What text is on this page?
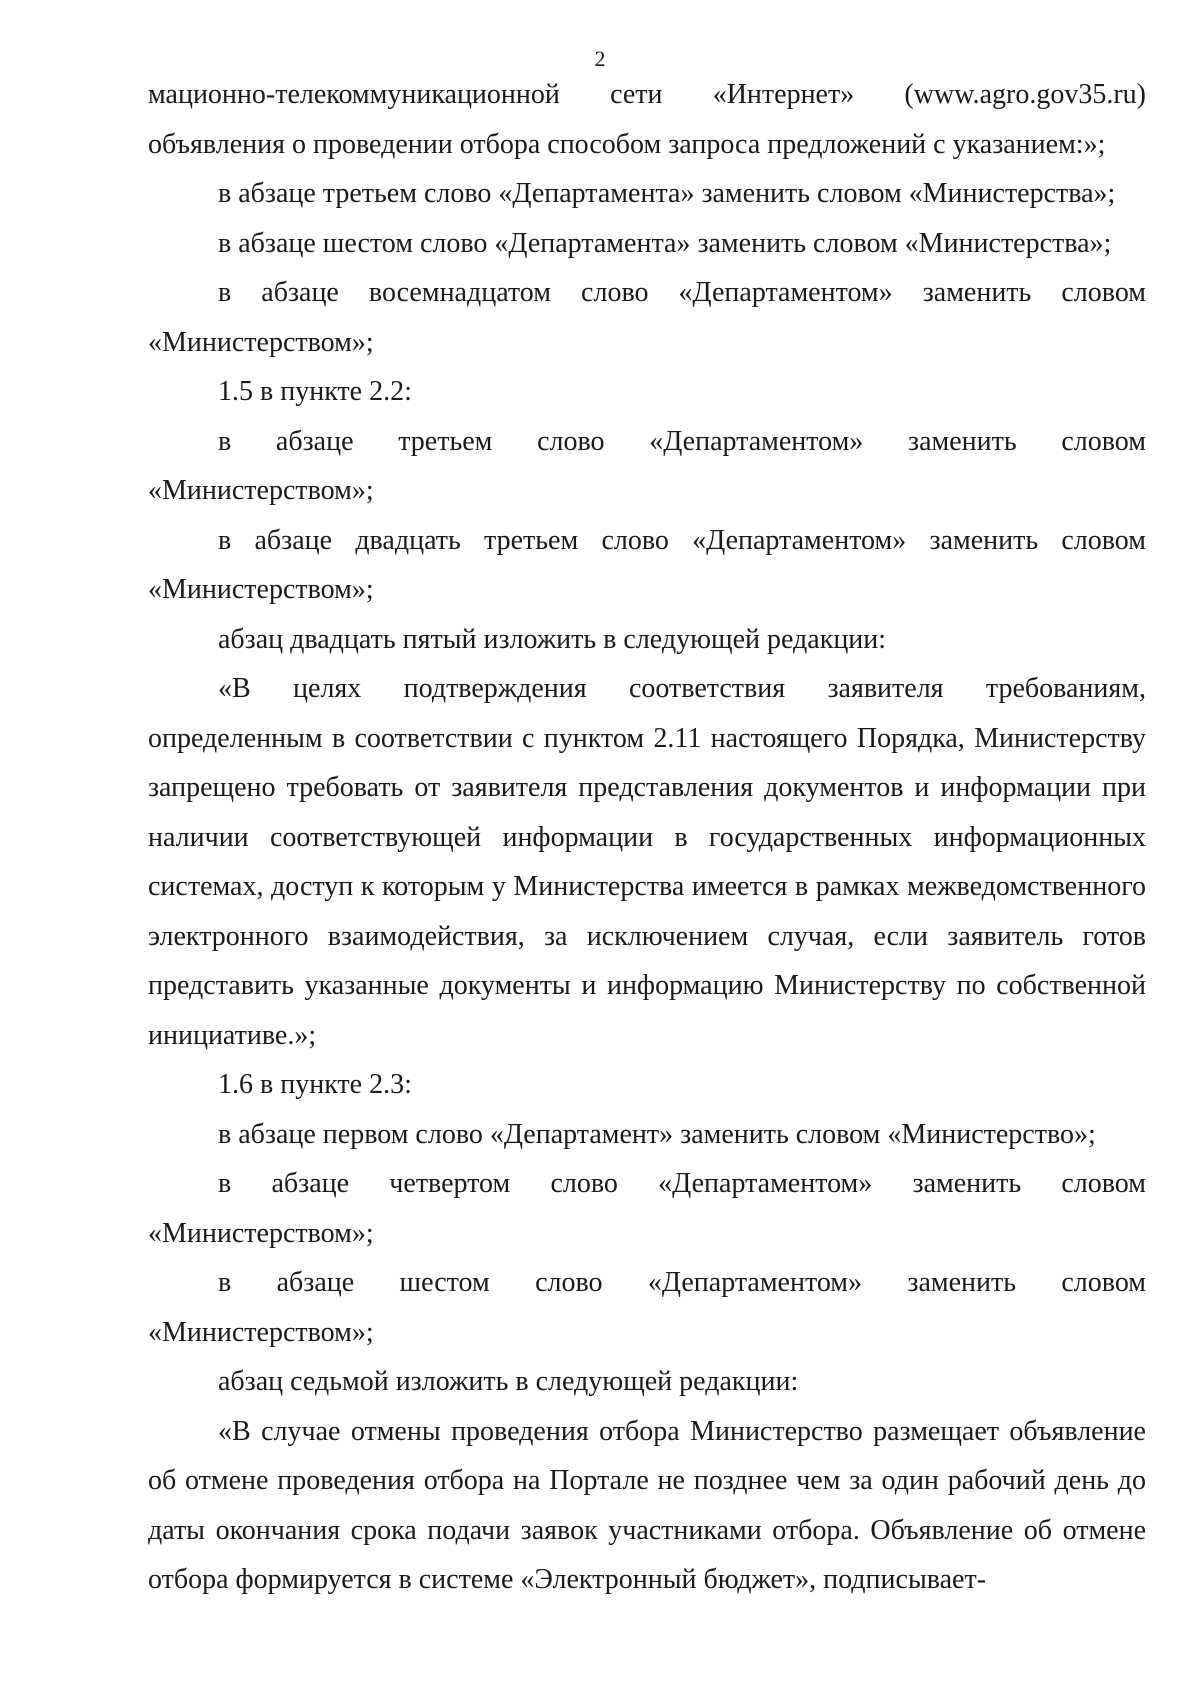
2

мационно-телекоммуникационной сети «Интернет» (www.agro.gov35.ru) объявления о проведении отбора способом запроса предложений с указанием:»;

в абзаце третьем слово «Департамента» заменить словом «Министерства»;

в абзаце шестом слово «Департамента» заменить словом «Министерства»;

в абзаце восемнадцатом слово «Департаментом» заменить словом «Министерством»;

1.5 в пункте 2.2:

в абзаце третьем слово «Департаментом» заменить словом «Министерством»;

в абзаце двадцать третьем слово «Департаментом» заменить словом «Министерством»;

абзац двадцать пятый изложить в следующей редакции:

«В целях подтверждения соответствия заявителя требованиям, определенным в соответствии с пунктом 2.11 настоящего Порядка, Министерству запрещено требовать от заявителя представления документов и информации при наличии соответствующей информации в государственных информационных системах, доступ к которым у Министерства имеется в рамках межведомственного электронного взаимодействия, за исключением случая, если заявитель готов представить указанные документы и информацию Министерству по собственной инициативе.»;

1.6 в пункте 2.3:

в абзаце первом слово «Департамент» заменить словом «Министерство»;

в абзаце четвертом слово «Департаментом» заменить словом «Министерством»;

в абзаце шестом слово «Департаментом» заменить словом «Министерством»;

абзац седьмой изложить в следующей редакции:

«В случае отмены проведения отбора Министерство размещает объявление об отмене проведения отбора на Портале не позднее чем за один рабочий день до даты окончания срока подачи заявок участниками отбора. Объявление об отмене отбора формируется в системе «Электронный бюджет», подписывает-
